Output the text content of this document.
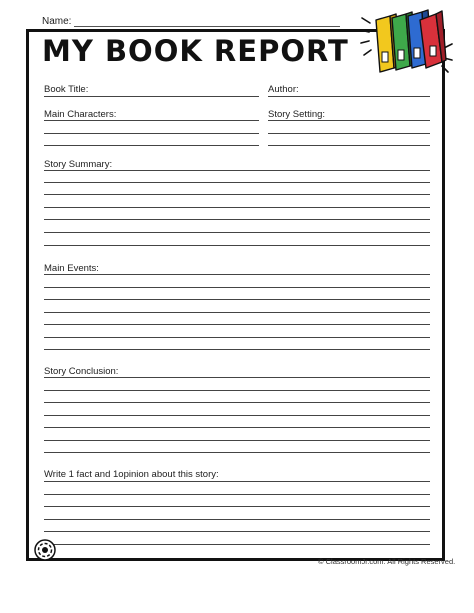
Name:
MY BOOK REPORT
Book Title:	Author:
Main Characters:	Story Setting:
Story Summary:
Main Events:
Story Conclusion:
Write 1 fact and 1opinion about this story:
© ClassroomJr.com. All Rights Reserved.
